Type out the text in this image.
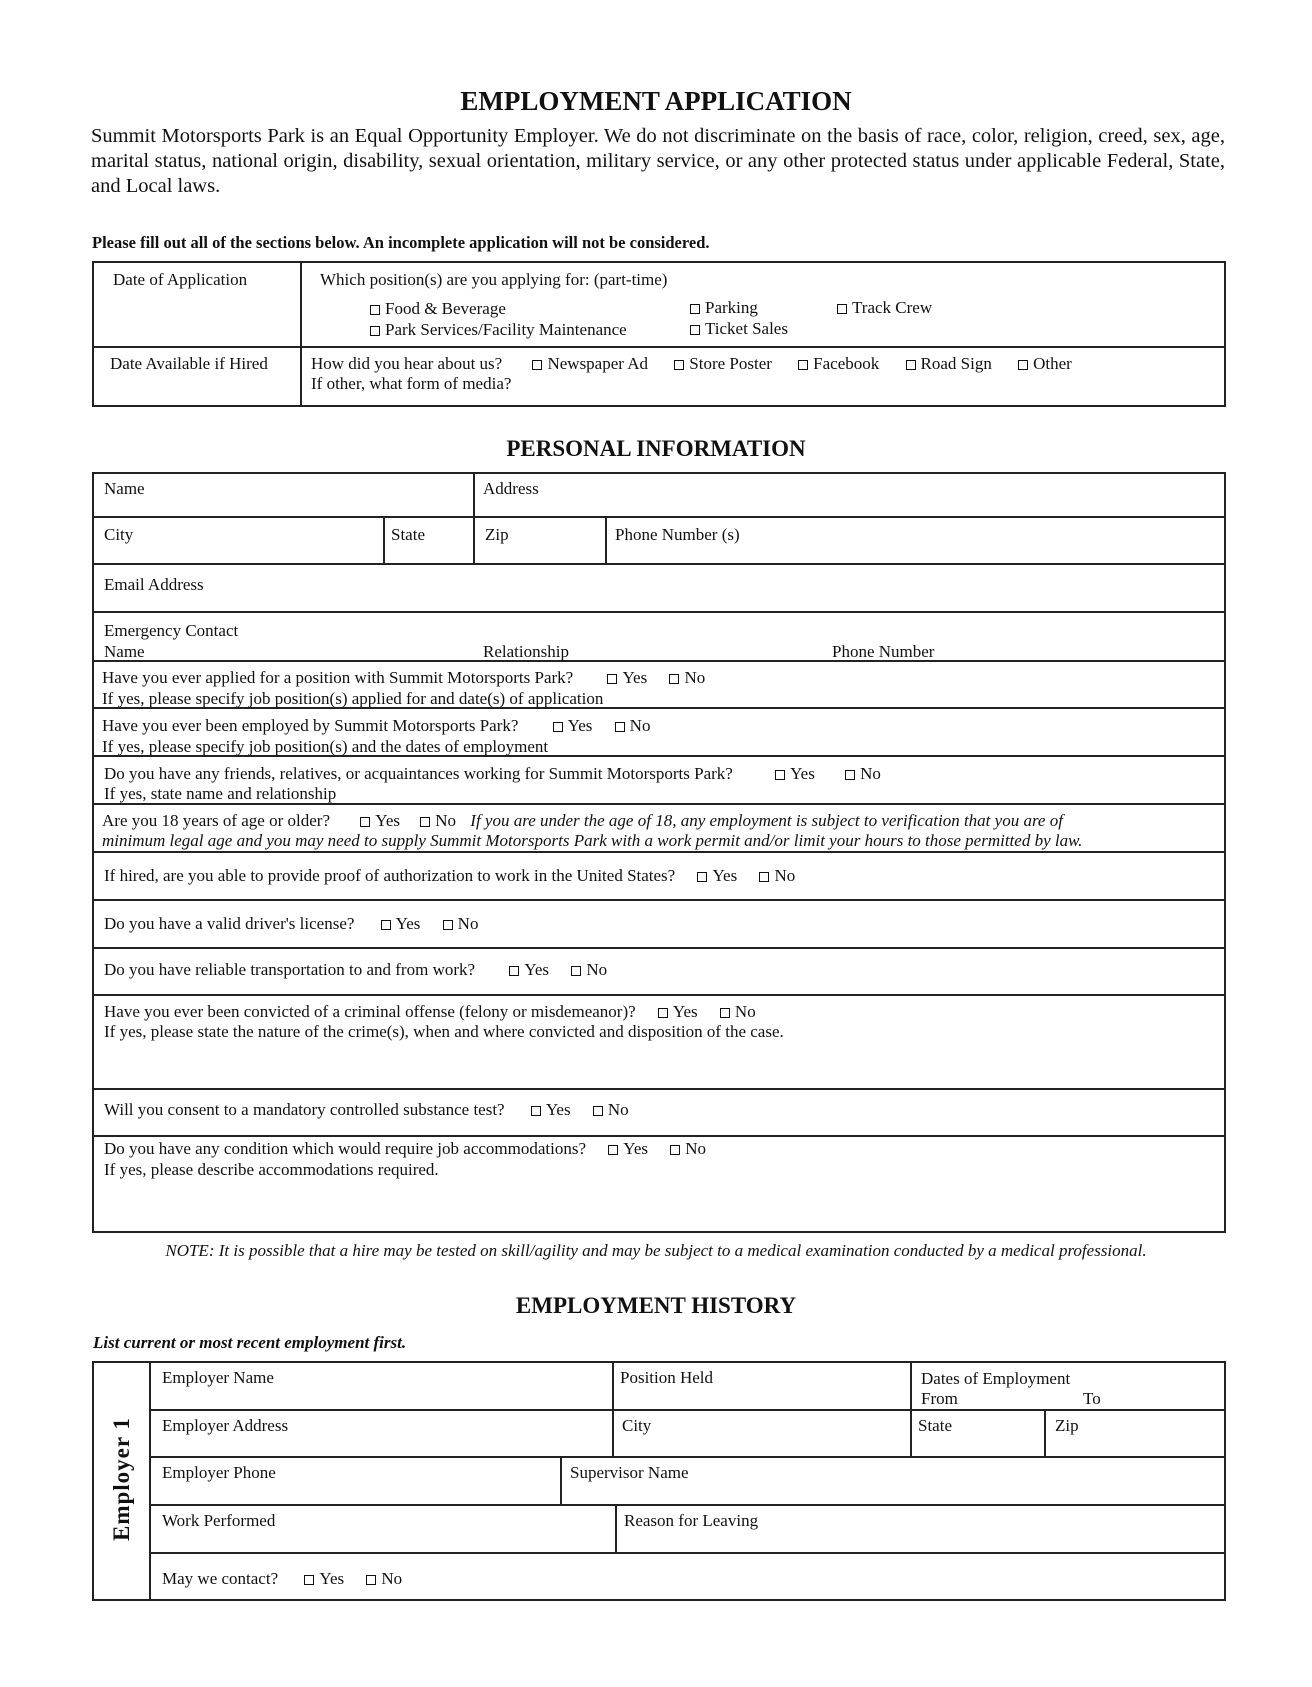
EMPLOYMENT APPLICATION
Summit Motorsports Park is an Equal Opportunity Employer. We do not discriminate on the basis of race, color, religion, creed, sex, age, marital status, national origin, disability, sexual orientation, military service, or any other protected status under applicable Federal, State, and Local laws.
Please fill out all of the sections below. An incomplete application will not be considered.
Date of Application	Which position(s) are you applying for: (part-time)
Food & Beverage	Parking	Track Crew
Park Services/Facility Maintenance	Ticket Sales
Date Available if Hired	How did you hear about us?	Newspaper Ad Store Poster Facebook Road Sign Other
If other, what form of media?
PERSONAL INFORMATION
Name	Address
City	State	Zip	Phone Number (s)
Email Address
Emergency Contact
Name	Relationship	Phone Number
Have you ever applied for a position with Summit Motorsports Park?	Yes No
If yes, please specify job position(s) applied for and date(s) of application
Have you ever been employed by Summit Motorsports Park?	Yes No
If yes, please specify job position(s) and the dates of employment
Do you have any friends, relatives, or acquaintances working for Summit Motorsports Park?	Yes	No
If yes, state name and relationship
Are you 18 years of age or older?	Yes No If you are under the age of 18, any employment is subject to verification that you are of
minimum legal age and you may need to supply Summit Motorsports Park with a work permit and/or limit your hours to those permitted by law.
If hired, are you able to provide proof of authorization to work in the United States? Yes No
Do you have a valid driver's license? Yes No
Do you have reliable transportation to and from work?	Yes No
Have you ever been convicted of a criminal offense (felony or misdemeanor)? Yes No
If yes, please state the nature of the crime(s), when and where convicted and disposition of the case.
Will you consent to a mandatory controlled substance test? Yes No
Do you have any condition which would require job accommodations? Yes No
If yes, please describe accommodations required.
NOTE: It is possible that a hire may be tested on skill/agility and may be subject to a medical examination conducted by a medical professional.
EMPLOYMENT HISTORY
List current or most recent employment first.
Employer 1
Employer Name	Position Held	Dates of Employment
From	To
Employer Address	City	State	Zip
Employer Phone	Supervisor Name
Work Performed	Reason for Leaving
May we contact? Yes No
